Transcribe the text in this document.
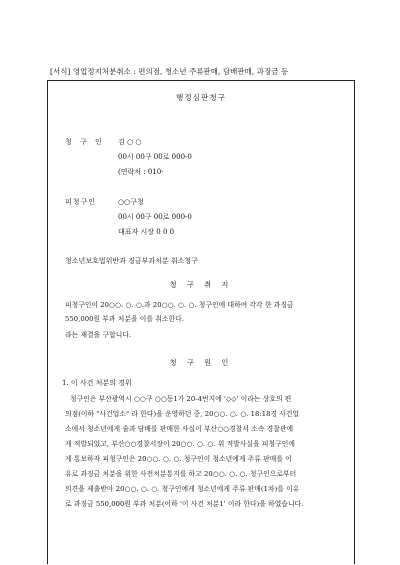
[서식] 영업정지처분취소 : 편의점, 청소년 주류판매, 담배판매, 과징금 등
행정심판청구
청 구 인 김 ○ ○
00시 00구 00로 000-0
(연락처 : 010-
피청구인	○○구청
00시 00구 00로 000-0
대표자 시장 0 0 0
청소년보호법위반과 징금부과처분 취소청구
청 구 취 지
피청구인이 20○○. ○. ○.과 20○○. ○. ○. 청구인에 대하여 각각 한 과징금
550,000원 부과 처분을 이를 취소한다.
라는 재결을 구합니다.
청 구 원 인
1. 이 사건 처분의 경위
청구인은 부산광역시 ○○구 ○○동1가 20-4번지에 '◇◇' 이라는 상호의 편
의점(이하 "사건업소" 라 한다)을 운영하던 중, 20○○. ○. ○. 18:18경 사건업
소에서 청소년에게 술과 담배를 판매한 사실이 부산○○경찰서 소속 경찰관에
게 적발되었고, 부산○○경찰서장이 20○○. ○. ○. 위 적발사실을 피청구인에
게 통보하자 피청구인은 20○○. ○. ○. 청구인이 청소년에게 주류 판매를 이
유로 과징금 처분을 위한 사전처분통지를 하고 20○○. ○. ○. 청구인으로부터
의견을 제출받아 20○○. ○. ○. 청구인에게 청소년에게 주류 판매(1차)를 이유
로 과징금 550,000원 부과 처분(이하 '이 사건 처분1' 이라 한다)을 하였습니다.
